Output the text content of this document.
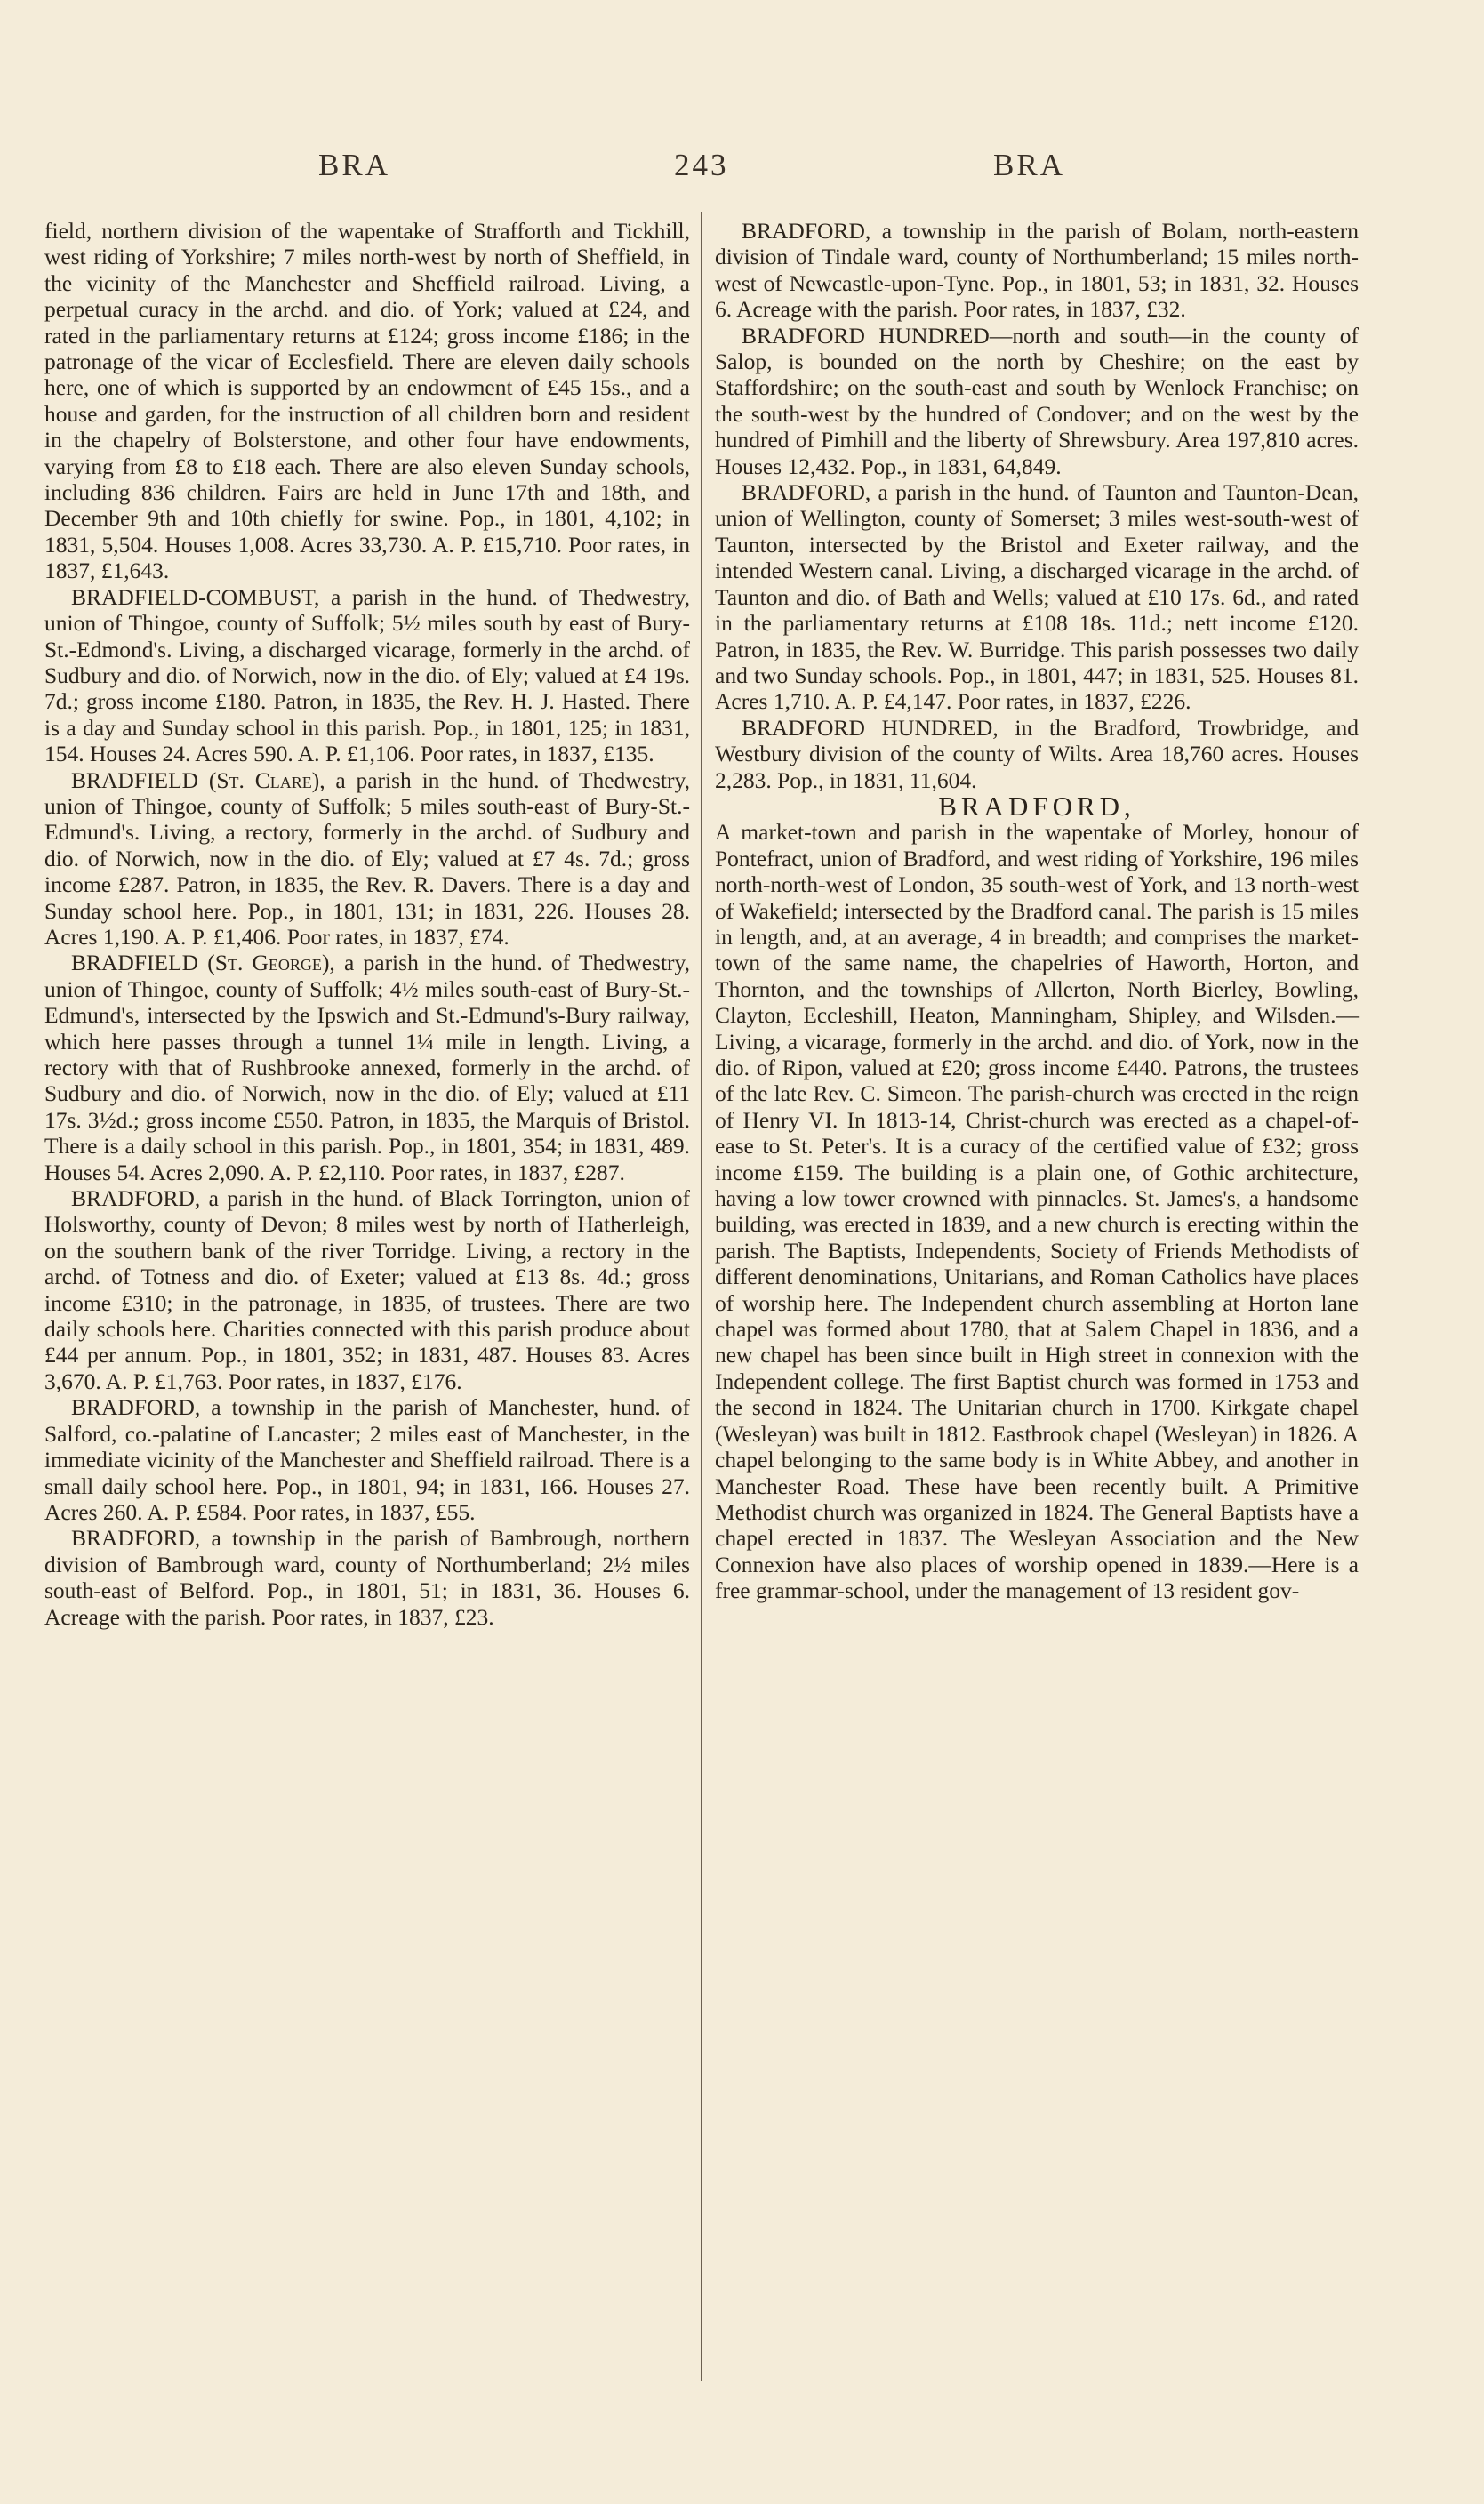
BRA	243	BRA

field, northern division of the wapentake of Strafforth and Tickhill, west riding of Yorkshire; 7 miles north-west by north of Sheffield, in the vicinity of the Manchester and Sheffield railroad. Living, a perpetual curacy in the archd. and dio. of York; valued at £24, and rated in the parliamentary returns at £124; gross income £186; in the patronage of the vicar of Ecclesfield. There are eleven daily schools here, one of which is supported by an endowment of £45 15s., and a house and garden, for the instruction of all children born and resident in the chapelry of Bolsterstone, and other four have endowments, varying from £8 to £18 each. There are also eleven Sunday schools, including 836 children. Fairs are held in June 17th and 18th, and December 9th and 10th chiefly for swine. Pop., in 1801, 4,102; in 1831, 5,504. Houses 1,008. Acres 33,730. A. P. £15,710. Poor rates, in 1837, £1,643.

BRADFIELD-COMBUST, a parish in the hund. of Thedwestry, union of Thingoe, county of Suffolk; 5½ miles south by east of Bury-St.-Edmond's. Living, a discharged vicarage, formerly in the archd. of Sudbury and dio. of Norwich, now in the dio. of Ely; valued at £4 19s. 7d.; gross income £180. Patron, in 1835, the Rev. H. J. Hasted. There is a day and Sunday school in this parish. Pop., in 1801, 125; in 1831, 154. Houses 24. Acres 590. A. P. £1,106. Poor rates, in 1837, £135.

BRADFIELD (St. Clare), a parish in the hund. of Thedwestry, union of Thingoe, county of Suffolk; 5 miles south-east of Bury-St.-Edmund's. Living, a rectory, formerly in the archd. of Sudbury and dio. of Norwich, now in the dio. of Ely; valued at £7 4s. 7d.; gross income £287. Patron, in 1835, the Rev. R. Davers. There is a day and Sunday school here. Pop., in 1801, 131; in 1831, 226. Houses 28. Acres 1,190. A. P. £1,406. Poor rates, in 1837, £74.

BRADFIELD (St. George), a parish in the hund. of Thedwestry, union of Thingoe, county of Suffolk; 4½ miles south-east of Bury-St.-Edmund's, intersected by the Ipswich and St.-Edmund's-Bury railway, which here passes through a tunnel 1¼ mile in length. Living, a rectory with that of Rushbrooke annexed, formerly in the archd. of Sudbury and dio. of Norwich, now in the dio. of Ely; valued at £11 17s. 3½d.; gross income £550. Patron, in 1835, the Marquis of Bristol. There is a daily school in this parish. Pop., in 1801, 354; in 1831, 489. Houses 54. Acres 2,090. A. P. £2,110. Poor rates, in 1837, £287.

BRADFORD, a parish in the hund. of Black Torrington, union of Holsworthy, county of Devon; 8 miles west by north of Hatherleigh, on the southern bank of the river Torridge. Living, a rectory in the archd. of Totness and dio. of Exeter; valued at £13 8s. 4d.; gross income £310; in the patronage, in 1835, of trustees. There are two daily schools here. Charities connected with this parish produce about £44 per annum. Pop., in 1801, 352; in 1831, 487. Houses 83. Acres 3,670. A. P. £1,763. Poor rates, in 1837, £176.

BRADFORD, a township in the parish of Manchester, hund. of Salford, co.-palatine of Lancaster; 2 miles east of Manchester, in the immediate vicinity of the Manchester and Sheffield railroad. There is a small daily school here. Pop., in 1801, 94; in 1831, 166. Houses 27. Acres 260. A. P. £584. Poor rates, in 1837, £55.

BRADFORD, a township in the parish of Bambrough, northern division of Bambrough ward, county of Northumberland; 2½ miles south-east of Belford. Pop., in 1801, 51; in 1831, 36. Houses 6. Acreage with the parish. Poor rates, in 1837, £23.

BRADFORD, a township in the parish of Bolam, north-eastern division of Tindale ward, county of Northumberland; 15 miles north-west of Newcastle-upon-Tyne. Pop., in 1801, 53; in 1831, 32. Houses 6. Acreage with the parish. Poor rates, in 1837, £32.

BRADFORD HUNDRED—north and south—in the county of Salop, is bounded on the north by Cheshire; on the east by Staffordshire; on the south-east and south by Wenlock Franchise; on the south-west by the hundred of Condover; and on the west by the hundred of Pimhill and the liberty of Shrewsbury. Area 197,810 acres. Houses 12,432. Pop., in 1831, 64,849.

BRADFORD, a parish in the hund. of Taunton and Taunton-Dean, union of Wellington, county of Somerset; 3 miles west-south-west of Taunton, intersected by the Bristol and Exeter railway, and the intended Western canal. Living, a discharged vicarage in the archd. of Taunton and dio. of Bath and Wells; valued at £10 17s. 6d., and rated in the parliamentary returns at £108 18s. 11d.; nett income £120. Patron, in 1835, the Rev. W. Burridge. This parish possesses two daily and two Sunday schools. Pop., in 1801, 447; in 1831, 525. Houses 81. Acres 1,710. A. P. £4,147. Poor rates, in 1837, £226.

BRADFORD HUNDRED, in the Bradford, Trowbridge, and Westbury division of the county of Wilts. Area 18,760 acres. Houses 2,283. Pop., in 1831, 11,604.

BRADFORD,

A market-town and parish in the wapentake of Morley, honour of Pontefract, union of Bradford, and west riding of Yorkshire, 196 miles north-north-west of London, 35 south-west of York, and 13 north-west of Wakefield; intersected by the Bradford canal. The parish is 15 miles in length, and, at an average, 4 in breadth; and comprises the market-town of the same name, the chapelries of Haworth, Horton, and Thornton, and the townships of Allerton, North Bierley, Bowling, Clayton, Eccleshill, Heaton, Manningham, Shipley, and Wilsden.—Living, a vicarage, formerly in the archd. and dio. of York, now in the dio. of Ripon, valued at £20; gross income £440. Patrons, the trustees of the late Rev. C. Simeon. The parish-church was erected in the reign of Henry VI. In 1813-14, Christ-church was erected as a chapel-of-ease to St. Peter's. It is a curacy of the certified value of £32; gross income £159. The building is a plain one, of Gothic architecture, having a low tower crowned with pinnacles. St. James's, a handsome building, was erected in 1839, and a new church is erecting within the parish. The Baptists, Independents, Society of Friends Methodists of different denominations, Unitarians, and Roman Catholics have places of worship here. The Independent church assembling at Horton lane chapel was formed about 1780, that at Salem Chapel in 1836, and a new chapel has been since built in High street in connexion with the Independent college. The first Baptist church was formed in 1753 and the second in 1824. The Unitarian church in 1700. Kirkgate chapel (Wesleyan) was built in 1812. Eastbrook chapel (Wesleyan) in 1826. A chapel belonging to the same body is in White Abbey, and another in Manchester Road. These have been recently built. A Primitive Methodist church was organized in 1824. The General Baptists have a chapel erected in 1837. The Wesleyan Association and the New Connexion have also places of worship opened in 1839.—Here is a free grammar-school, under the management of 13 resident gov-
